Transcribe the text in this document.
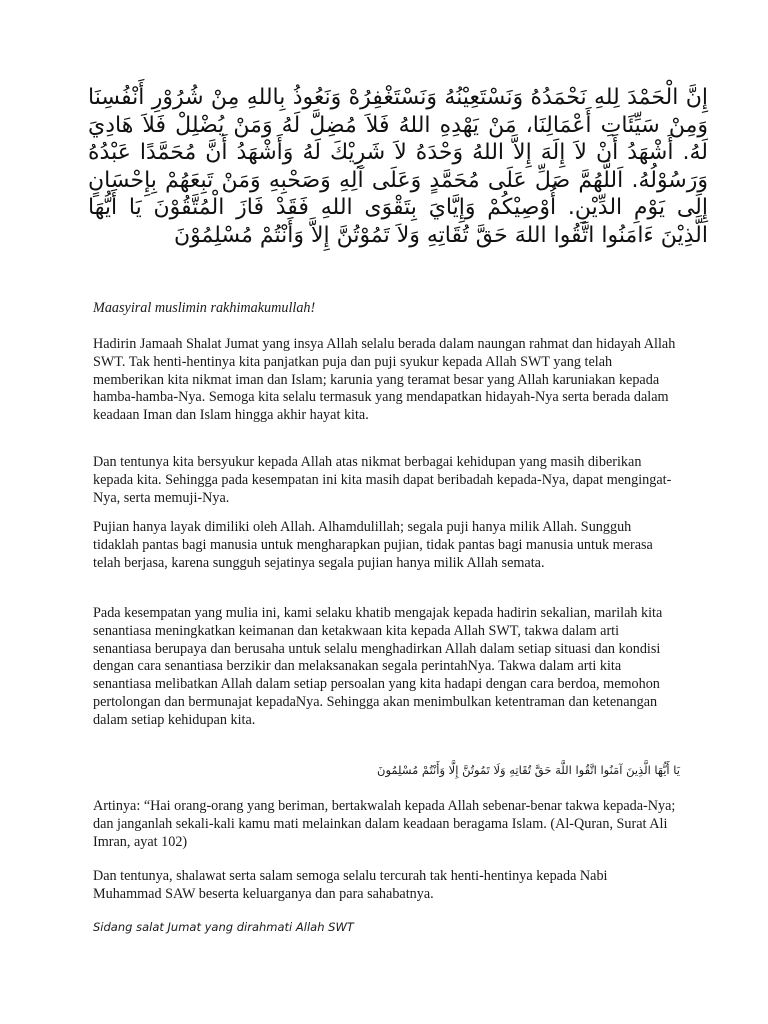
إِنَّ الْحَمْدَ لِلهِ نَحْمَدُهُ وَنَسْتَعِيْنُهُ وَنَسْتَغْفِرُهْ وَنَعُوذُ بِاللهِ مِنْ شُرُوْرِ أَنْفُسِنَا وَمِنْ سَيِّئَاتِ أَعْمَالِنَا، مَنْ يَهْدِهِ اللهُ فَلاَ مُضِلَّ لَهُ وَمَنْ يُضْلِلْ فَلاَ هَادِيَ لَهُ. أَشْهَدُ أَنْ لاَ إِلَهَ إِلاَّ اللهُ وَحْدَهُ لاَ شَرِيْكَ لَهُ وَأَشْهَدُ أَنَّ مُحَمَّدًا عَبْدُهُ وَرَسُوْلُهُ. اَللَّهُمَّ صَلِّ عَلَى مُحَمَّدٍ وَعَلَى آلِهِ وَصَحْبِهِ وَمَنْ تَبِعَهُمْ بِإِحْسَانٍ إِلَى يَوْمِ الدِّيْنِ. أُوْصِيْكُمْ وَإِيَّايَ بِتَقْوَى اللهِ فَقَدْ فَازَ الْمُتَّقُوْنَ يَا أَيُّهَا الَّذِيْنَ ءَامَنُوا اتَّقُوا اللهَ حَقَّ تُقَاتِهِ وَلاَ تَمُوْتُنَّ إِلاَّ وَأَنْتُمْ مُسْلِمُوْنَ

Maasyiral muslimin rakhimakumullah!

Hadirin Jamaah Shalat Jumat yang insya Allah selalu berada dalam naungan rahmat dan hidayah Allah SWT. Tak henti-hentinya kita panjatkan puja dan puji syukur kepada Allah SWT yang telah memberikan kita nikmat iman dan Islam; karunia yang teramat besar yang Allah karuniakan kepada hamba-hamba-Nya. Semoga kita selalu termasuk yang mendapatkan hidayah-Nya serta berada dalam keadaan Iman dan Islam hingga akhir hayat kita.

Dan tentunya kita bersyukur kepada Allah atas nikmat berbagai kehidupan yang masih diberikan kepada kita. Sehingga pada kesempatan ini kita masih dapat beribadah kepada-Nya, dapat mengingat-Nya, serta memuji-Nya.

Pujian hanya layak dimiliki oleh Allah. Alhamdulillah; segala puji hanya milik Allah. Sungguh tidaklah pantas bagi manusia untuk mengharapkan pujian, tidak pantas bagi manusia untuk merasa telah berjasa, karena sungguh sejatinya segala pujian hanya milik Allah semata.

Pada kesempatan yang mulia ini, kami selaku khatib mengajak kepada hadirin sekalian, marilah kita senantiasa meningkatkan keimanan dan ketakwaan kita kepada Allah SWT, takwa dalam arti senantiasa berupaya dan berusaha untuk selalu menghadirkan Allah dalam setiap situasi dan kondisi dengan cara senantiasa berzikir dan melaksanakan segala perintahNya. Takwa dalam arti kita senantiasa melibatkan Allah dalam setiap persoalan yang kita hadapi dengan cara berdoa, memohon pertolongan dan bermunajat kepadaNya. Sehingga akan menimbulkan ketentraman dan ketenangan dalam setiap kehidupan kita.

يَا أَيُّهَا الَّذِينَ آمَنُوا اتَّقُوا اللَّهَ حَقَّ تُقَاتِهِ وَلَا تَمُوتُنَّ إِلَّا وَأَنْتُمْ مُسْلِمُونَ

Artinya: “Hai orang-orang yang beriman, bertakwalah kepada Allah sebenar-benar takwa kepada-Nya; dan janganlah sekali-kali kamu mati melainkan dalam keadaan beragama Islam. (Al-Quran, Surat Ali Imran, ayat 102)

Dan tentunya, shalawat serta salam semoga selalu tercurah tak henti-hentinya kepada Nabi Muhammad SAW beserta keluarganya dan para sahabatnya.

Sidang salat Jumat yang dirahmati Allah SWT
